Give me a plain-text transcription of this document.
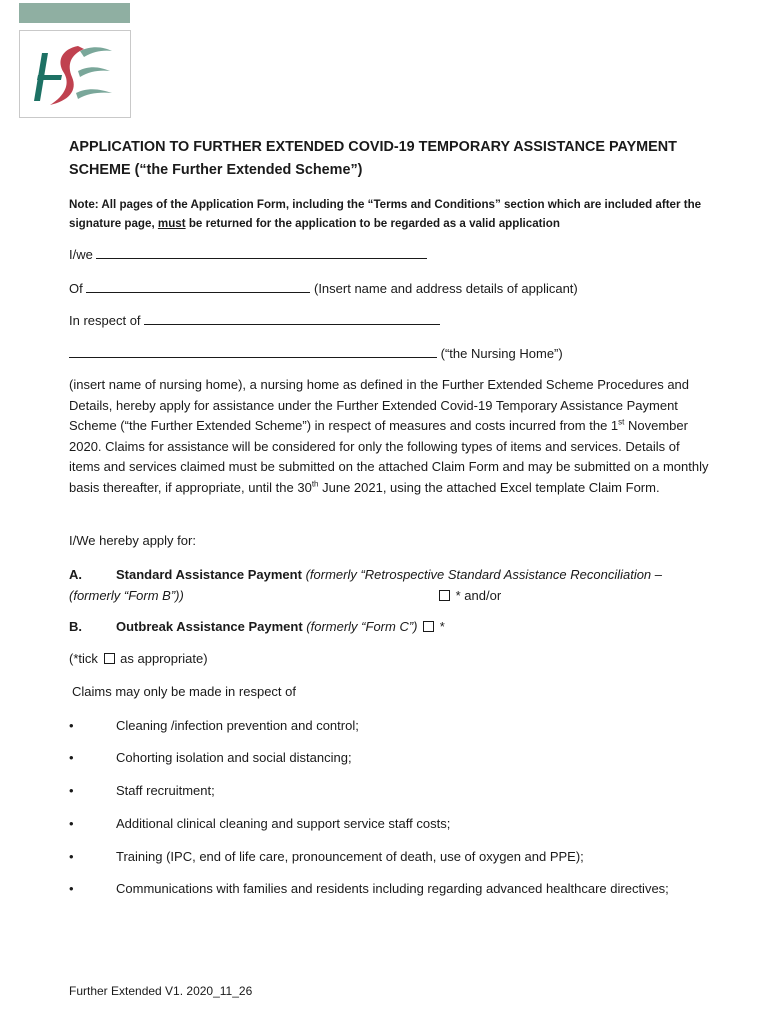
APPLICATION TO FURTHER EXTENDED COVID-19 TEMPORARY ASSISTANCE PAYMENT SCHEME (“the Further Extended Scheme”)
Note: All pages of the Application Form, including the “Terms and Conditions” section which are included after the signature page, must be returned for the application to be regarded as a valid application
I/we
Of	(Insert name and address details of applicant)
In respect of
(“the Nursing Home”)
(insert name of nursing home), a nursing home as defined in the Further Extended Scheme Procedures and Details, hereby apply for assistance under the Further Extended Covid-19 Temporary Assistance Payment Scheme (“the Further Extended Scheme”) in respect of measures and costs incurred from the 1st November 2020. Claims for assistance will be considered for only the following types of items and services. Details of items and services claimed must be submitted on the attached Claim Form and may be submitted on a monthly basis thereafter, if appropriate, until the 30th June 2021, using the attached Excel template Claim Form.
I/We hereby apply for:
A.	Standard Assistance Payment (formerly “Retrospective Standard Assistance Reconciliation –
(formerly “Form B”))	* and/or
B.	Outbreak Assistance Payment (formerly “Form C”) *
(*tick as appropriate)
Claims may only be made in respect of
•	Cleaning /infection prevention and control;
•	Cohorting isolation and social distancing;
•	Staff recruitment;
•	Additional clinical cleaning and support service staff costs;
•	Training (IPC, end of life care, pronouncement of death, use of oxygen and PPE);
•	Communications with families and residents including regarding advanced healthcare directives;
Further Extended V1. 2020_11_26
